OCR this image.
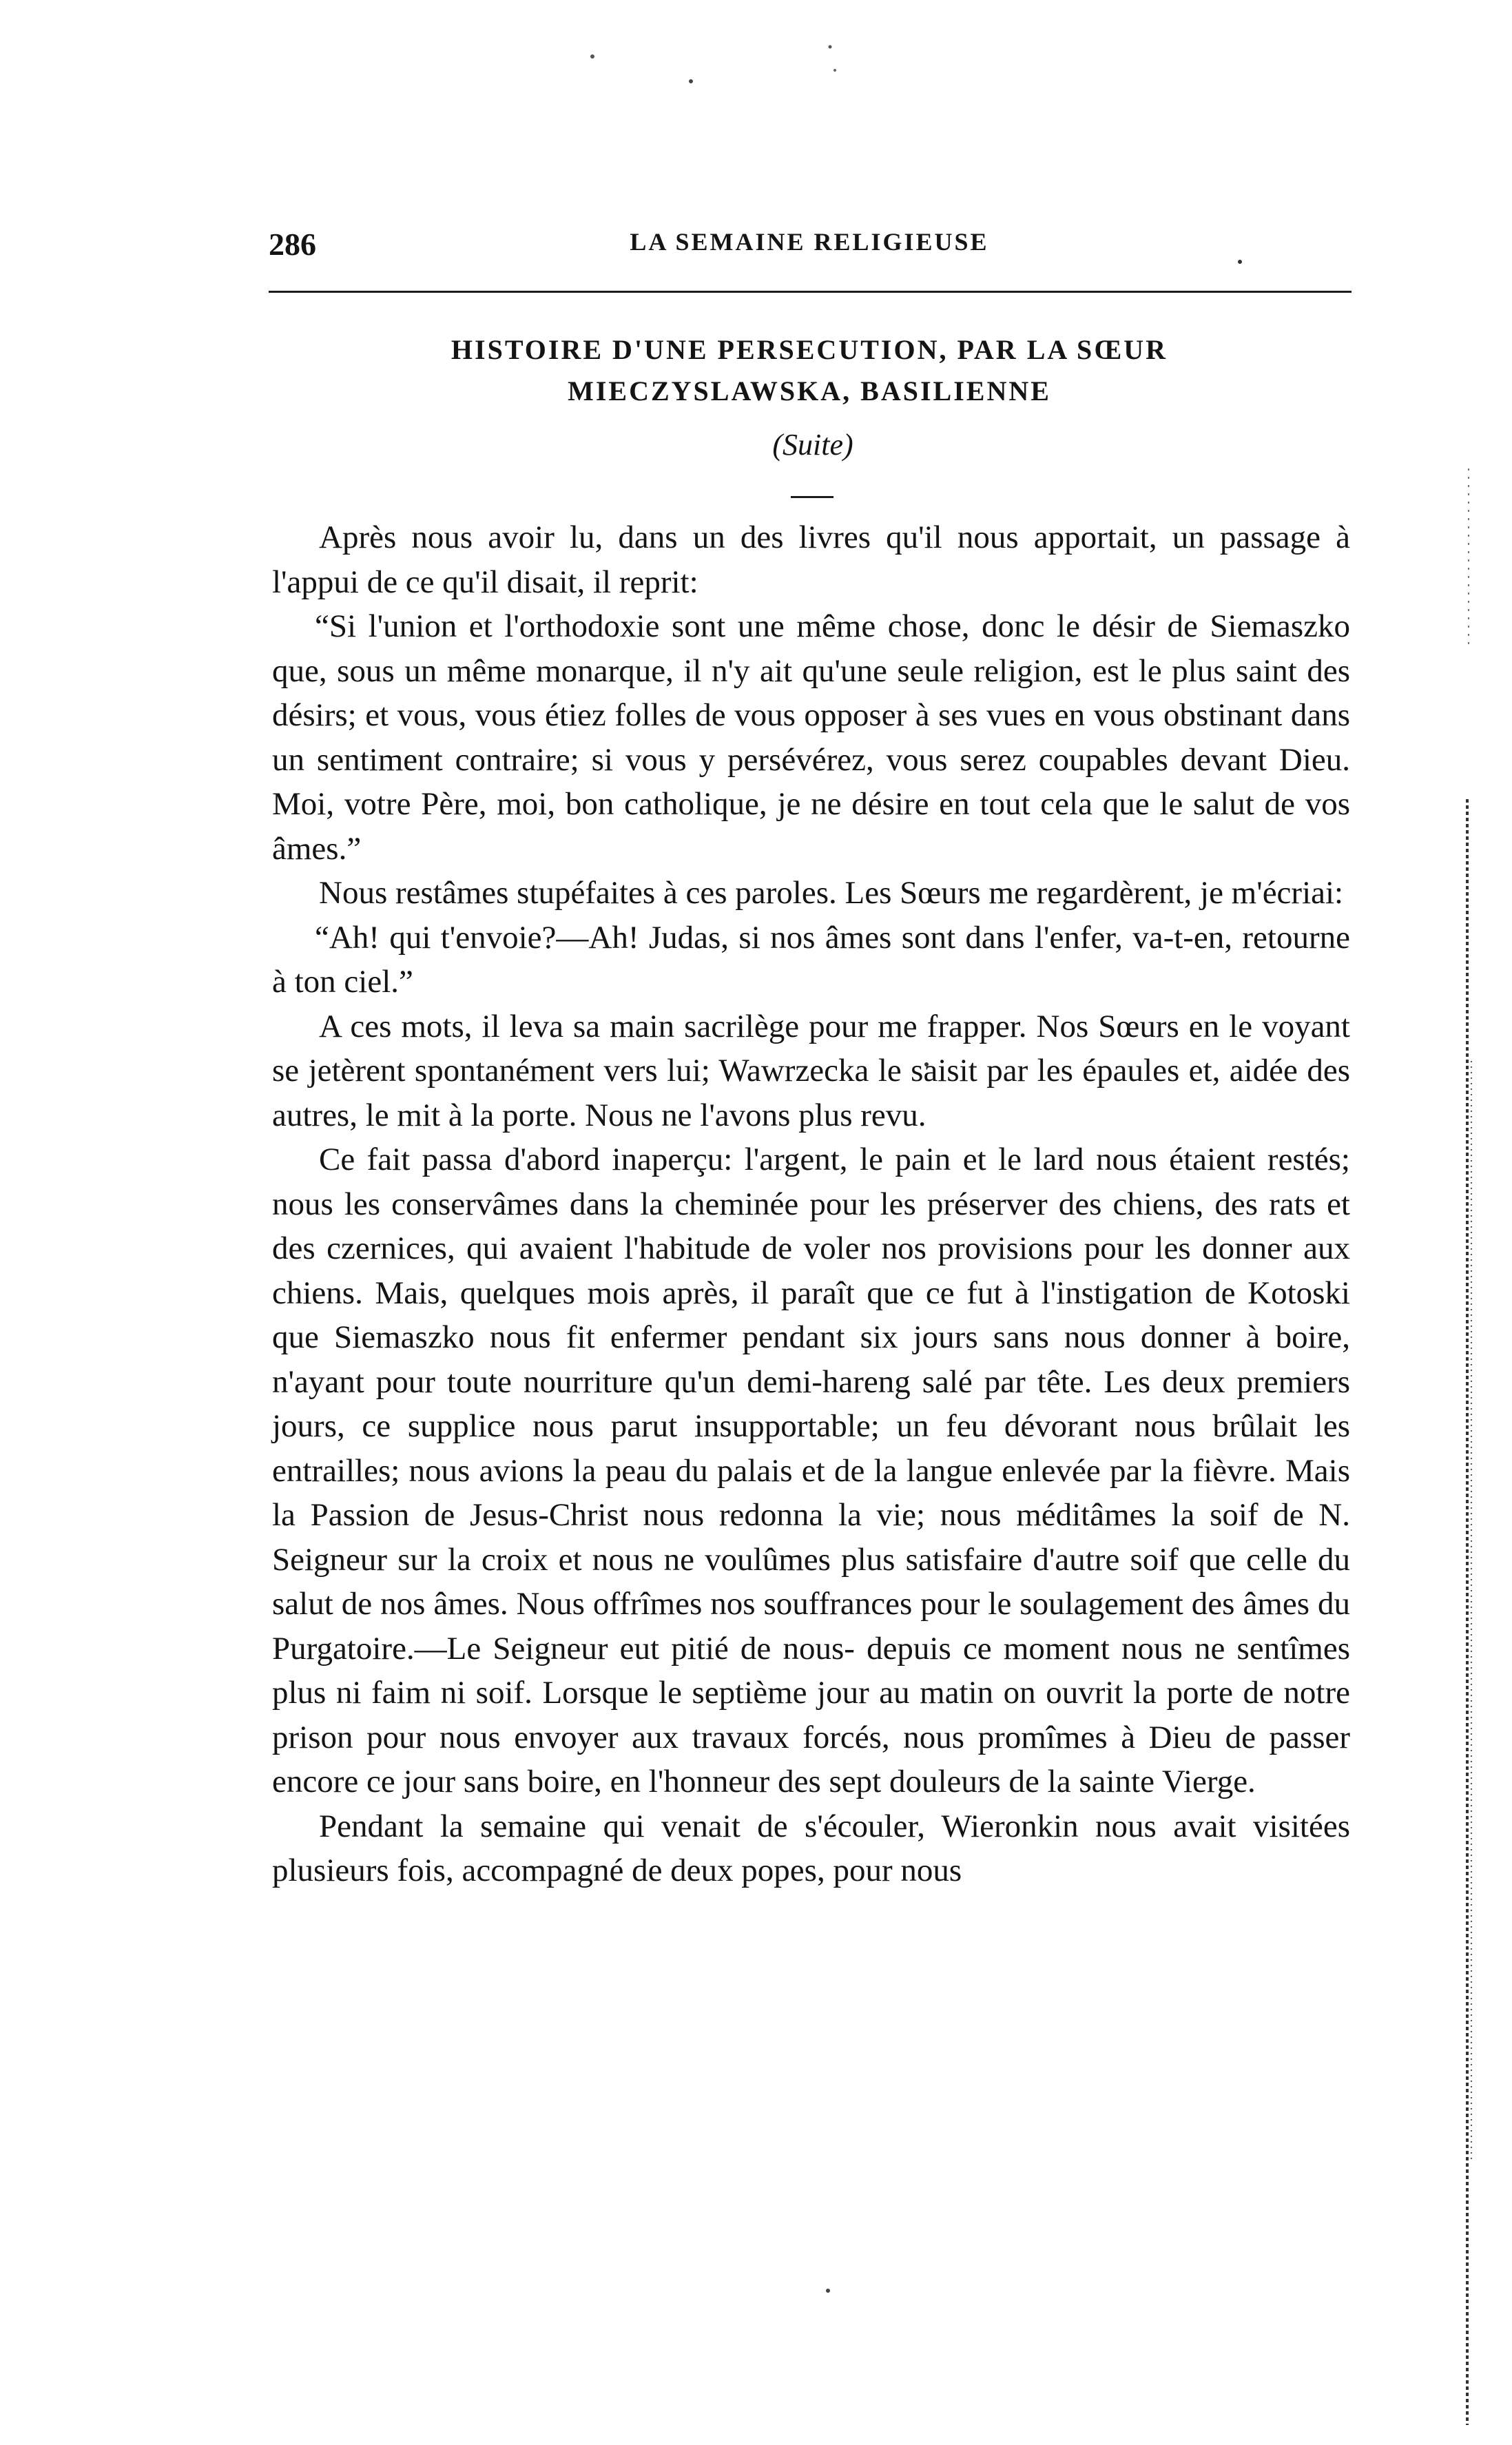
286	LA SEMAINE RELIGIEUSE
HISTOIRE D'UNE PERSECUTION, PAR LA SŒUR
MIECZYSLAWSKA, BASILIENNE
(Suite)

Après nous avoir lu, dans un des livres qu'il nous apportait, un passage à l'appui de ce qu'il disait, il reprit:

“Si l'union et l'orthodoxie sont une même chose, donc le désir de Siemaszko que, sous un même monarque, il n'y ait qu'une seule religion, est le plus saint des désirs; et vous, vous étiez folles de vous opposer à ses vues en vous obstinant dans un sentiment contraire; si vous y persévérez, vous serez coupables devant Dieu. Moi, votre Père, moi, bon catholique, je ne désire en tout cela que le salut de vos âmes.”

Nous restâmes stupéfaites à ces paroles. Les Sœurs me regardèrent, je m'écriai:

“Ah! qui t'envoie?—Ah! Judas, si nos âmes sont dans l'enfer, va-t-en, retourne à ton ciel.”

A ces mots, il leva sa main sacrilège pour me frapper. Nos Sœurs en le voyant se jetèrent spontanément vers lui; Wawrzecka le saisit par les épaules et, aidée des autres, le mit à la porte. Nous ne l'avons plus revu.

Ce fait passa d'abord inaperçu: l'argent, le pain et le lard nous étaient restés; nous les conservâmes dans la cheminée pour les préserver des chiens, des rats et des czernices, qui avaient l'habitude de voler nos provisions pour les donner aux chiens. Mais, quelques mois après, il paraît que ce fut à l'instigation de Kotoski que Siemaszko nous fit enfermer pendant six jours sans nous donner à boire, n'ayant pour toute nourriture qu'un demi-hareng salé par tête. Les deux premiers jours, ce supplice nous parut insupportable; un feu dévorant nous brûlait les entrailles; nous avions la peau du palais et de la langue enlevée par la fièvre. Mais la Passion de Jesus-Christ nous redonna la vie; nous méditâmes la soif de N. Seigneur sur la croix et nous ne voulûmes plus satisfaire d'autre soif que celle du salut de nos âmes. Nous offrîmes nos souffrances pour le soulagement des âmes du Purgatoire.—Le Seigneur eut pitié de nous- depuis ce moment nous ne sentîmes plus ni faim ni soif. Lorsque le septième jour au matin on ouvrit la porte de notre prison pour nous envoyer aux travaux forcés, nous promîmes à Dieu de passer encore ce jour sans boire, en l'honneur des sept douleurs de la sainte Vierge.

Pendant la semaine qui venait de s'écouler, Wieronkin nous avait visitées plusieurs fois, accompagné de deux popes, pour nous
